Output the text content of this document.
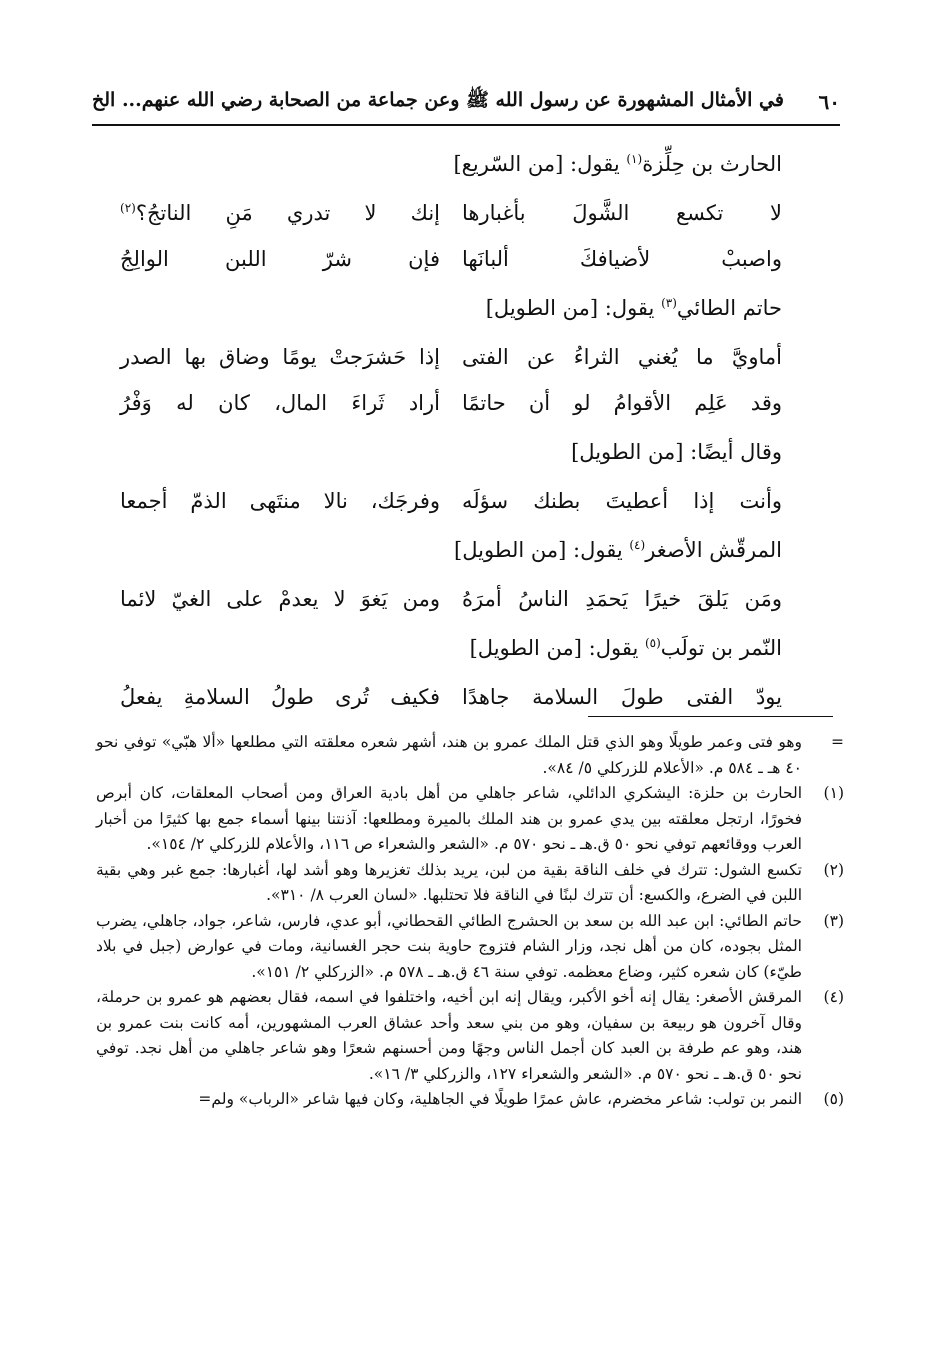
٦٠
في الأمثال المشهورة عن رسول الله ﷺ وعن جماعة من الصحابة رضي الله عنهم... الخ
الحارث بن حِلِّزة$^{(١)}$ يقول: [من السّريع]
لا تكسع الشَّولَ بأغبارها
إنك لا تدري مَنِ الناتجُ؟$^{(٢)}$
واصببْ لأضيافكَ ألبانَها
فإن شرّ اللبن الوالِجُ
حاتم الطائي$^{(٣)}$ يقول: [من الطويل]
أماويَّ ما يُغني الثراءُ عن الفتى
إذا حَشرَجتْ يومًا وضاق بها الصدر
وقد عَلِم الأقوامُ لو أن حاتمًا
أراد ثَراءَ المال، كان له وَفْرُ
وقال أيضًا: [من الطويل]
وأنت إذا أعطيتَ بطنك سؤلَه
وفرجَك، نالا منتَهى الذمّ أجمعا
المرقّش الأصغر$^{(٤)}$ يقول: [من الطويل]
ومَن يَلقَ خيرًا يَحمَدِ الناسُ أمرَهُ
ومن يَغوَ لا يعدمْ على الغيّ لائما
النّمر بن تولَب$^{(٥)}$ يقول: [من الطويل]
يودّ الفتى طولَ السلامة جاهدًا
فكيف تُرى طولُ السلامةِ يفعلُ
=
وهو فتى وعمر طويلًا وهو الذي قتل الملك عمرو بن هند، أشهر شعره معلقته التي مطلعها «ألا هبّي» توفي نحو ٤٠ هـ ـ ٥٨٤ م. «الأعلام للزركلي ٥/ ٨٤».
(١)
الحارث بن حلزة: اليشكري الدائلي، شاعر جاهلي من أهل بادية العراق ومن أصحاب المعلقات، كان أبرص فخورًا، ارتجل معلقته بين يدي عمرو بن هند الملك بالميرة ومطلعها: آذنتنا بينها أسماء جمع بها كثيرًا من أخبار العرب ووقائعهم توفي نحو ٥٠ ق.هـ ـ نحو ٥٧٠ م. «الشعر والشعراء ص ١١٦، والأعلام للزركلي ٢/ ١٥٤».
(٢)
تكسع الشول: تترك في خلف الناقة بقية من لبن، يريد بذلك تغزيرها وهو أشد لها، أغبارها: جمع غبر وهي بقية اللبن في الضرع، والكسع: أن تترك لبنًا في الناقة فلا تحتلبها. «لسان العرب ٨/ ٣١٠».
(٣)
حاتم الطائي: ابن عبد الله بن سعد بن الحشرج الطائي القحطاني، أبو عدي، فارس، شاعر، جواد، جاهلي، يضرب المثل بجوده، كان من أهل نجد، وزار الشام فتزوج حاوية بنت حجر الغسانية، ومات في عوارض (جبل في بلاد طيّء) كان شعره كثير، وضاع معظمه. توفي سنة ٤٦ ق.هـ ـ ٥٧٨ م. «الزركلي ٢/ ١٥١».
(٤)
المرقش الأصغر: يقال إنه أخو الأكبر، ويقال إنه ابن أخيه، واختلفوا في اسمه، فقال بعضهم هو عمرو بن حرملة، وقال آخرون هو ربيعة بن سفيان، وهو من بني سعد وأحد عشاق العرب المشهورين، أمه كانت بنت عمرو بن هند، وهو عم طرفة بن العبد كان أجمل الناس وجهًا ومن أحسنهم شعرًا وهو شاعر جاهلي من أهل نجد. توفي نحو ٥٠ ق.هـ ـ نحو ٥٧٠ م. «الشعر والشعراء ١٢٧، والزركلي ٣/ ١٦».
(٥)
النمر بن تولب: شاعر مخضرم، عاش عمرًا طويلًا في الجاهلية، وكان فيها شاعر «الرباب» ولم=
